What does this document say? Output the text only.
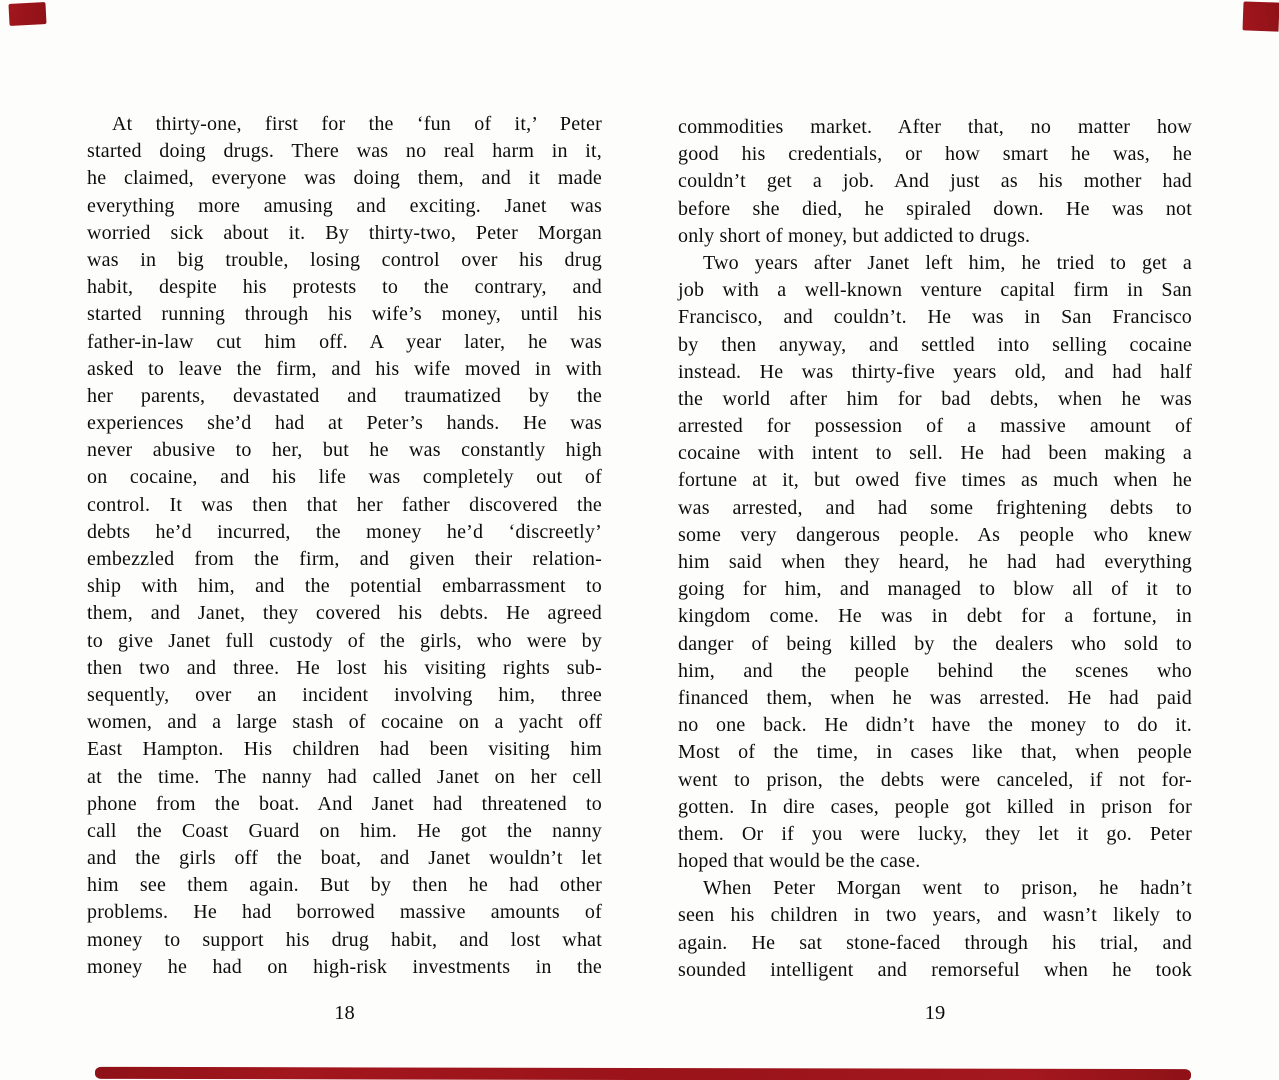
At thirty-one, first for the ‘fun of it,’ Peter
started doing drugs. There was no real harm in it,
he claimed, everyone was doing them, and it made
everything more amusing and exciting. Janet was
worried sick about it. By thirty-two, Peter Morgan
was in big trouble, losing control over his drug
habit, despite his protests to the contrary, and
started running through his wife’s money, until his
father-in-law cut him off. A year later, he was
asked to leave the firm, and his wife moved in with
her parents, devastated and traumatized by the
experiences she’d had at Peter’s hands. He was
never abusive to her, but he was constantly high
on cocaine, and his life was completely out of
control. It was then that her father discovered the
debts he’d incurred, the money he’d ‘discreetly’
embezzled from the firm, and given their relation-
ship with him, and the potential embarrassment to
them, and Janet, they covered his debts. He agreed
to give Janet full custody of the girls, who were by
then two and three. He lost his visiting rights sub-
sequently, over an incident involving him, three
women, and a large stash of cocaine on a yacht off
East Hampton. His children had been visiting him
at the time. The nanny had called Janet on her cell
phone from the boat. And Janet had threatened to
call the Coast Guard on him. He got the nanny
and the girls off the boat, and Janet wouldn’t let
him see them again. But by then he had other
problems. He had borrowed massive amounts of
money to support his drug habit, and lost what
money he had on high-risk investments in the
commodities market. After that, no matter how
good his credentials, or how smart he was, he
couldn’t get a job. And just as his mother had
before she died, he spiraled down. He was not
only short of money, but addicted to drugs.
Two years after Janet left him, he tried to get a
job with a well-known venture capital firm in San
Francisco, and couldn’t. He was in San Francisco
by then anyway, and settled into selling cocaine
instead. He was thirty-five years old, and had half
the world after him for bad debts, when he was
arrested for possession of a massive amount of
cocaine with intent to sell. He had been making a
fortune at it, but owed five times as much when he
was arrested, and had some frightening debts to
some very dangerous people. As people who knew
him said when they heard, he had had everything
going for him, and managed to blow all of it to
kingdom come. He was in debt for a fortune, in
danger of being killed by the dealers who sold to
him, and the people behind the scenes who
financed them, when he was arrested. He had paid
no one back. He didn’t have the money to do it.
Most of the time, in cases like that, when people
went to prison, the debts were canceled, if not for-
gotten. In dire cases, people got killed in prison for
them. Or if you were lucky, they let it go. Peter
hoped that would be the case.
When Peter Morgan went to prison, he hadn’t
seen his children in two years, and wasn’t likely to
again. He sat stone-faced through his trial, and
sounded intelligent and remorseful when he took
18	19
